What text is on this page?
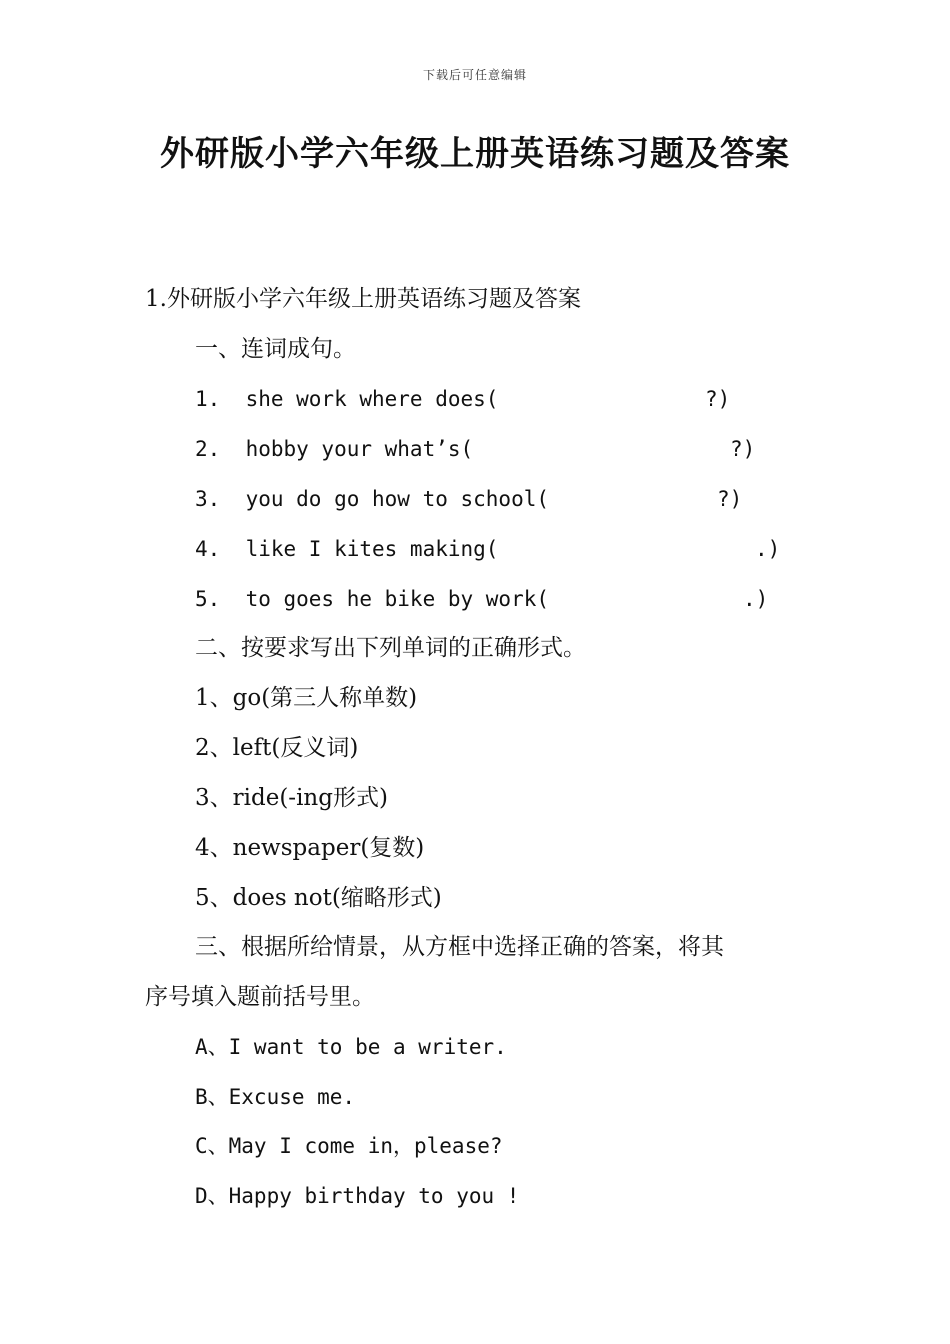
下载后可任意编辑
外研版小学六年级上册英语练习题及答案
1.外研版小学六年级上册英语练习题及答案
一、连词成句。
1.  she work where does(	?)
2.  hobby your what’s(	?)
3.  you do go how to school(	?)
4.  like I kites making(	.)
5.  to goes he bike by work(	.)
二、按要求写出下列单词的正确形式。
1、go(第三人称单数)
2、left(反义词)
3、ride(-ing形式)
4、newspaper(复数)
5、does not(缩略形式)
三、根据所给情景，从方框中选择正确的答案，将其
序号填入题前括号里。
A、I want to be a writer.
B、Excuse me.
C、May I come in，please?
D、Happy birthday to you !
